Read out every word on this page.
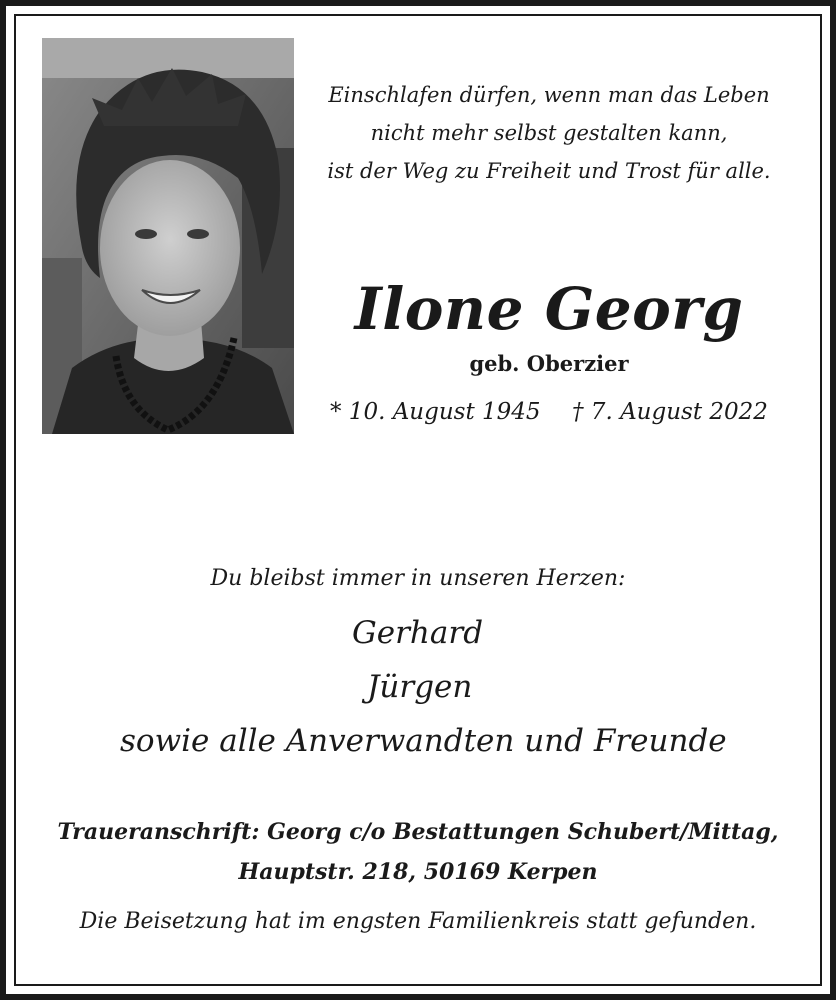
Einschlafen dürfen, wenn man das Leben
nicht mehr selbst gestalten kann,
ist der Weg zu Freiheit und Trost für alle.

Ilone Georg

geb. Oberzier

* 10. August 1945 † 7. August 2022

Du bleibst immer in unseren Herzen:

Gerhard
Jürgen
sowie alle Anverwandten und Freunde

Traueranschrift: Georg c/o Bestattungen Schubert/Mittag,
Hauptstr. 218, 50169 Kerpen

Die Beisetzung hat im engsten Familienkreis statt gefunden.
